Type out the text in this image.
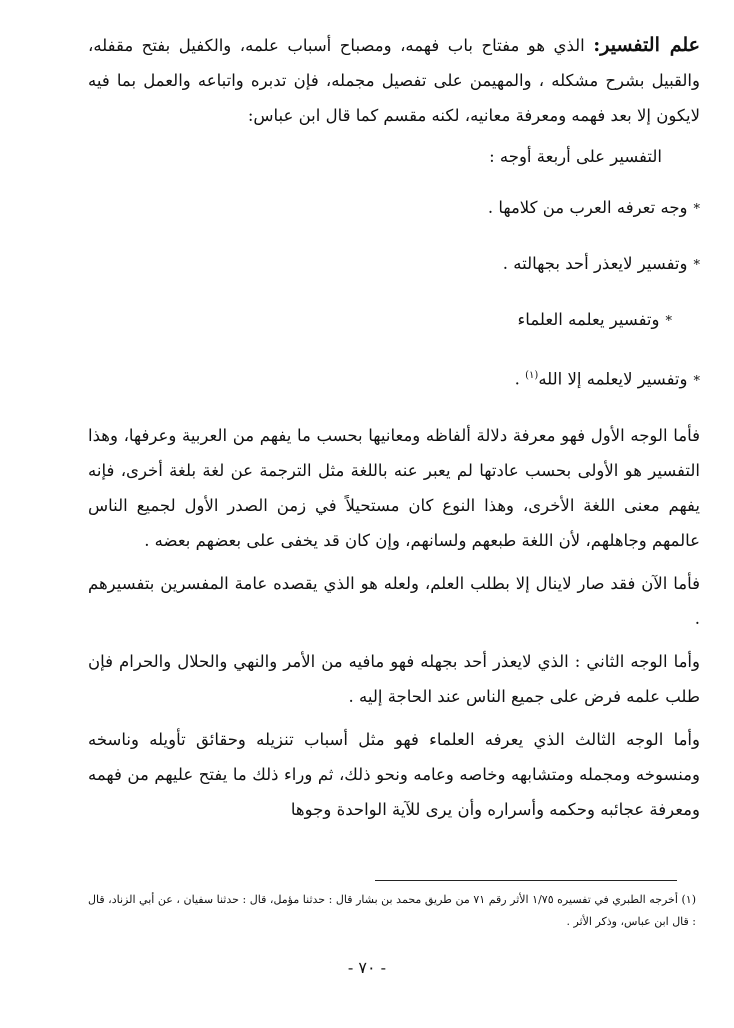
علم التفسير: الذي هو مفتاح باب فهمه، ومصباح أسباب علمه، والكفيل بفتح مقفله، والقبيل بشرح مشكله ، والمهيمن على تفصيل مجمله، فإن تدبره واتباعه والعمل بما فيه لايكون إلا بعد فهمه ومعرفة معانيه، لكنه مقسم كما قال ابن عباس:

التفسير على أربعة أوجه :
*وجه تعرفه العرب من كلامها .
*وتفسير لايعذر أحد بجهالته .
*وتفسير يعلمه العلماء
*وتفسير لايعلمه إلا الله$^{(١)}$ .

فأما الوجه الأول فهو معرفة دلالة ألفاظه ومعانيها بحسب ما يفهم من العربية وعرفها، وهذا التفسير هو الأولى بحسب عادتها لم يعبر عنه باللغة مثل الترجمة عن لغة بلغة أخرى، فإنه يفهم معنى اللغة الأخرى، وهذا النوع كان مستحيلاً في زمن الصدر الأول لجميع الناس عالمهم وجاهلهم، لأن اللغة طبعهم ولسانهم، وإن كان قد يخفى على بعضهم بعضه .

فأما الآن فقد صار لاينال إلا بطلب العلم، ولعله هو الذي يقصده عامة المفسرين بتفسيرهم .

وأما الوجه الثاني : الذي لايعذر أحد بجهله فهو مافيه من الأمر والنهي والحلال والحرام فإن طلب علمه فرض على جميع الناس عند الحاجة إليه .

وأما الوجه الثالث الذي يعرفه العلماء فهو مثل أسباب تنزيله وحقائق تأويله وناسخه ومنسوخه ومجمله ومتشابهه وخاصه وعامه ونحو ذلك، ثم وراء ذلك ما يفتح عليهم من فهمه ومعرفة عجائبه وحكمه وأسراره وأن يرى للآية الواحدة وجوها

(١) أخرجه الطبري في تفسيره ١/٧٥ الأثر رقم ٧١ من طريق محمد بن بشار قال : حدثنا مؤمل، قال : حدثنا سفيان ، عن أبي الزناد، قال : قال ابن عباس، وذكر الأثر .
- ٧٠ -
